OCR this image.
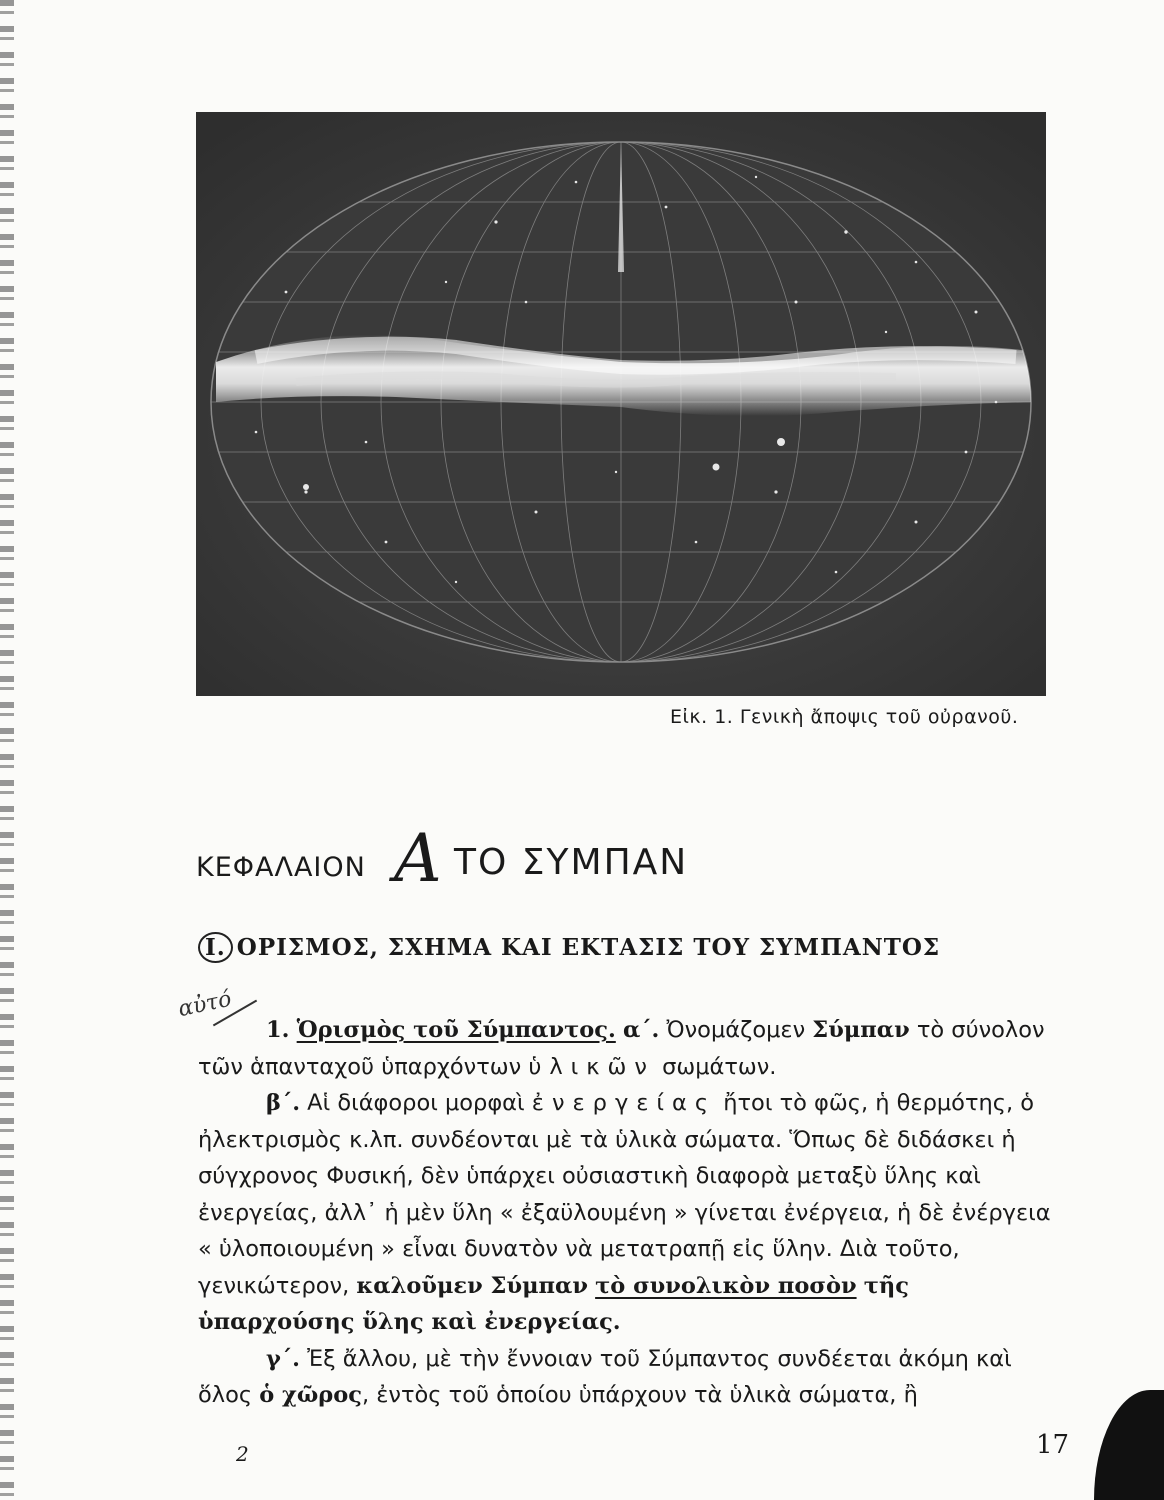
Εἰκ. 1. Γενικὴ ἄποψις τοῦ οὐρανοῦ.
ΚΕΦΑΛΑΙΟΝ A ΤΟ ΣΥΜΠΑΝ
I. ΟΡΙΣΜΟΣ, ΣΧΗΜΑ ΚΑΙ ΕΚΤΑΣΙΣ ΤΟΥ ΣΥΜΠΑΝΤΟΣ
αὐτό

1. Ὁρισμὸς τοῦ Σύμπαντος. α΄. Ὀνομάζομεν Σύμπαν τὸ σύνολον τῶν ἁπανταχοῦ ὑπαρχόντων ὑλικῶν σωμάτων.

β΄. Αἱ διάφοροι μορφαὶ ἐνεργείας ἤτοι τὸ φῶς, ἡ θερμότης, ὁ ἠλεκτρισμὸς κ.λπ. συνδέονται μὲ τὰ ὑλικὰ σώματα. Ὅπως δὲ διδάσκει ἡ σύγχρονος Φυσική, δὲν ὑπάρχει οὐσιαστικὴ διαφορὰ μεταξὺ ὕλης καὶ ἐνεργείας, ἀλλ᾽ ἡ μὲν ὕλη « ἐξαϋλουμένη » γίνεται ἐνέργεια, ἡ δὲ ἐνέργεια « ὑλοποιουμένη » εἶναι δυνατὸν νὰ μετατραπῇ εἰς ὕλην. Διὰ τοῦτο, γενικώτερον, καλοῦμεν Σύμπαν τὸ συνολικὸν ποσὸν τῆς ὑπαρχούσης ὕλης καὶ ἐνεργείας.

γ΄. Ἐξ ἄλλου, μὲ τὴν ἔννοιαν τοῦ Σύμπαντος συνδέεται ἀκόμη καὶ ὅλος ὁ χῶρος, ἐντὸς τοῦ ὁποίου ὑπάρχουν τὰ ὑλικὰ σώματα, ἢ

2	17
